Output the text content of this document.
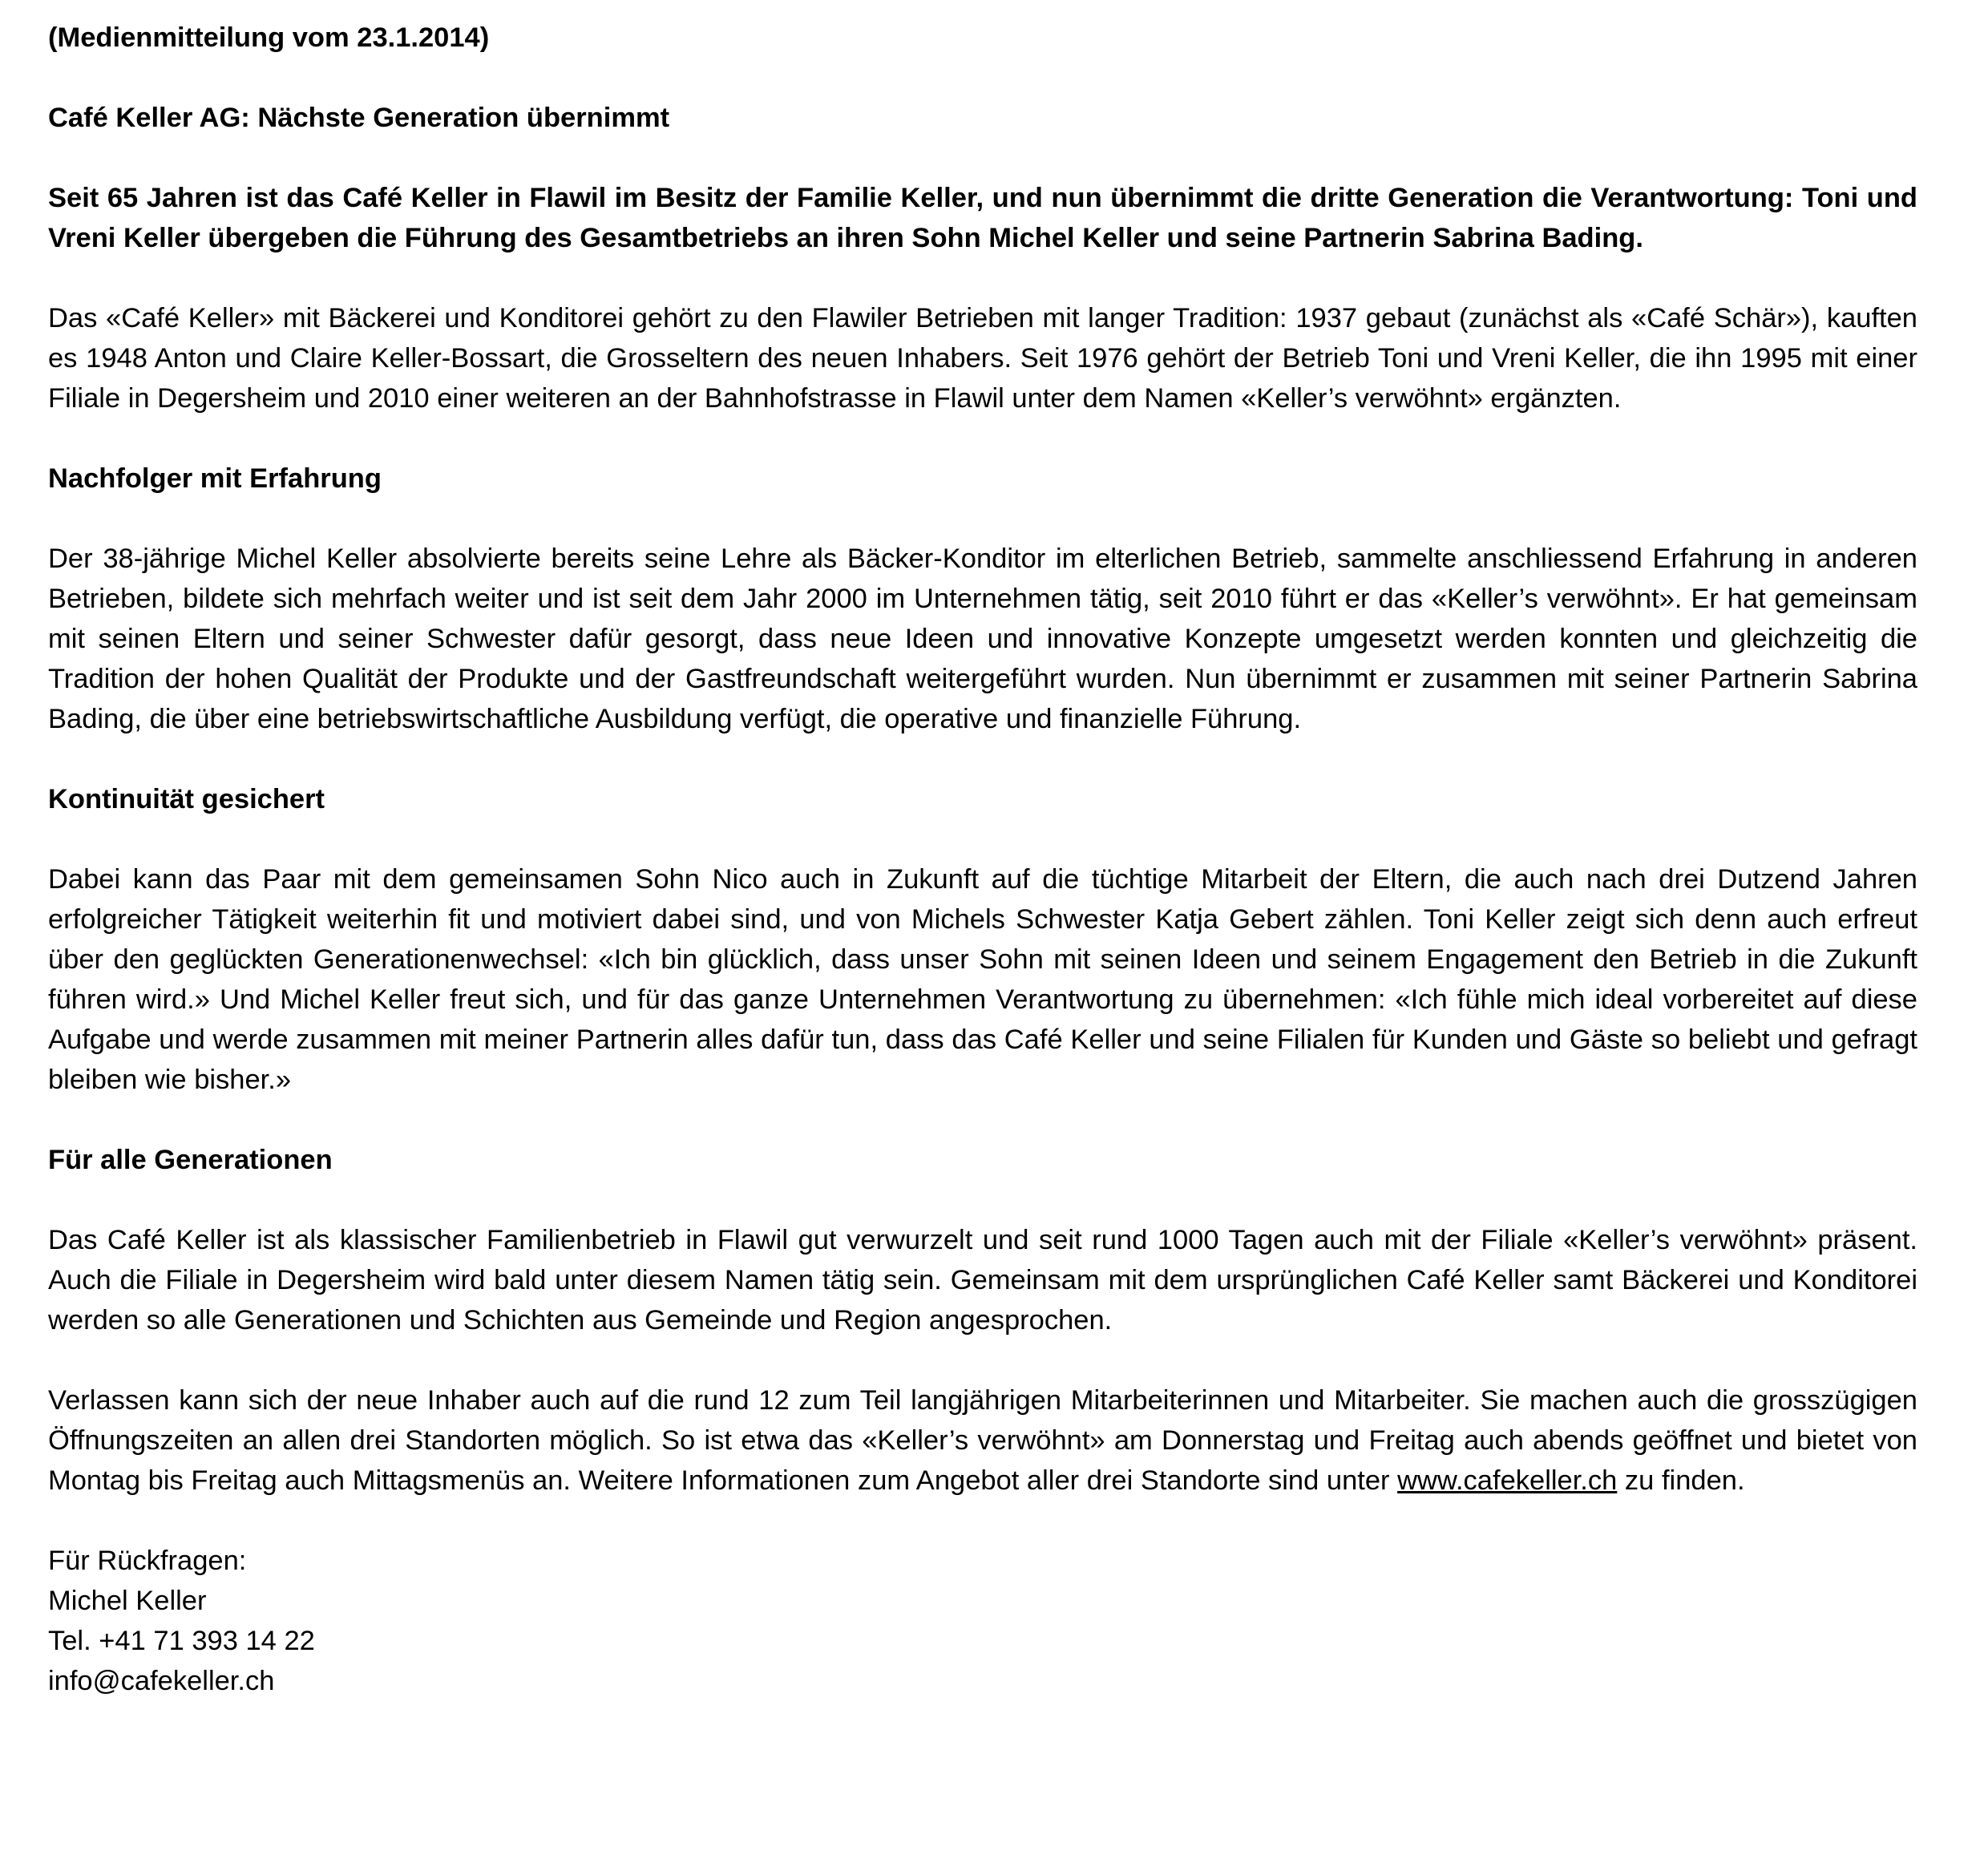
(Medienmitteilung vom 23.1.2014)

Café Keller AG: Nächste Generation übernimmt

Seit 65 Jahren ist das Café Keller in Flawil im Besitz der Familie Keller, und nun übernimmt die dritte Generation die Verantwortung: Toni und Vreni Keller übergeben die Führung des Gesamtbetriebs an ihren Sohn Michel Keller und seine Partnerin Sabrina Bading.

Das «Café Keller» mit Bäckerei und Konditorei gehört zu den Flawiler Betrieben mit langer Tradition: 1937 gebaut (zunächst als «Café Schär»), kauften es 1948 Anton und Claire Keller-Bossart, die Grosseltern des neuen Inhabers. Seit 1976 gehört der Betrieb Toni und Vreni Keller, die ihn 1995 mit einer Filiale in Degersheim und 2010 einer weiteren an der Bahnhofstrasse in Flawil unter dem Namen «Keller’s verwöhnt» ergänzten.

Nachfolger mit Erfahrung

Der 38-jährige Michel Keller absolvierte bereits seine Lehre als Bäcker-Konditor im elterlichen Betrieb, sammelte anschliessend Erfahrung in anderen Betrieben, bildete sich mehrfach weiter und ist seit dem Jahr 2000 im Unternehmen tätig, seit 2010 führt er das «Keller’s verwöhnt». Er hat gemeinsam mit seinen Eltern und seiner Schwester dafür gesorgt, dass neue Ideen und innovative Konzepte umgesetzt werden konnten und gleichzeitig die Tradition der hohen Qualität der Produkte und der Gastfreundschaft weitergeführt wurden. Nun übernimmt er zusammen mit seiner Partnerin Sabrina Bading, die über eine betriebswirtschaftliche Ausbildung verfügt, die operative und finanzielle Führung.

Kontinuität gesichert

Dabei kann das Paar mit dem gemeinsamen Sohn Nico auch in Zukunft auf die tüchtige Mitarbeit der Eltern, die auch nach drei Dutzend Jahren erfolgreicher Tätigkeit weiterhin fit und motiviert dabei sind, und von Michels Schwester Katja Gebert zählen. Toni Keller zeigt sich denn auch erfreut über den geglückten Generationenwechsel: «Ich bin glücklich, dass unser Sohn mit seinen Ideen und seinem Engagement den Betrieb in die Zukunft führen wird.» Und Michel Keller freut sich, und für das ganze Unternehmen Verantwortung zu übernehmen: «Ich fühle mich ideal vorbereitet auf diese Aufgabe und werde zusammen mit meiner Partnerin alles dafür tun, dass das Café Keller und seine Filialen für Kunden und Gäste so beliebt und gefragt bleiben wie bisher.»

Für alle Generationen

Das Café Keller ist als klassischer Familienbetrieb in Flawil gut verwurzelt und seit rund 1000 Tagen auch mit der Filiale «Keller’s verwöhnt» präsent. Auch die Filiale in Degersheim wird bald unter diesem Namen tätig sein. Gemeinsam mit dem ursprünglichen Café Keller samt Bäckerei und Konditorei werden so alle Generationen und Schichten aus Gemeinde und Region angesprochen.

Verlassen kann sich der neue Inhaber auch auf die rund 12 zum Teil langjährigen Mitarbeiterinnen und Mitarbeiter. Sie machen auch die grosszügigen Öffnungszeiten an allen drei Standorten möglich. So ist etwa das «Keller’s verwöhnt» am Donnerstag und Freitag auch abends geöffnet und bietet von Montag bis Freitag auch Mittagsmenüs an. Weitere Informationen zum Angebot aller drei Standorte sind unter www.cafekeller.ch zu finden.

Für Rückfragen:

Michel Keller

Tel. +41 71 393 14 22

info@cafekeller.ch
